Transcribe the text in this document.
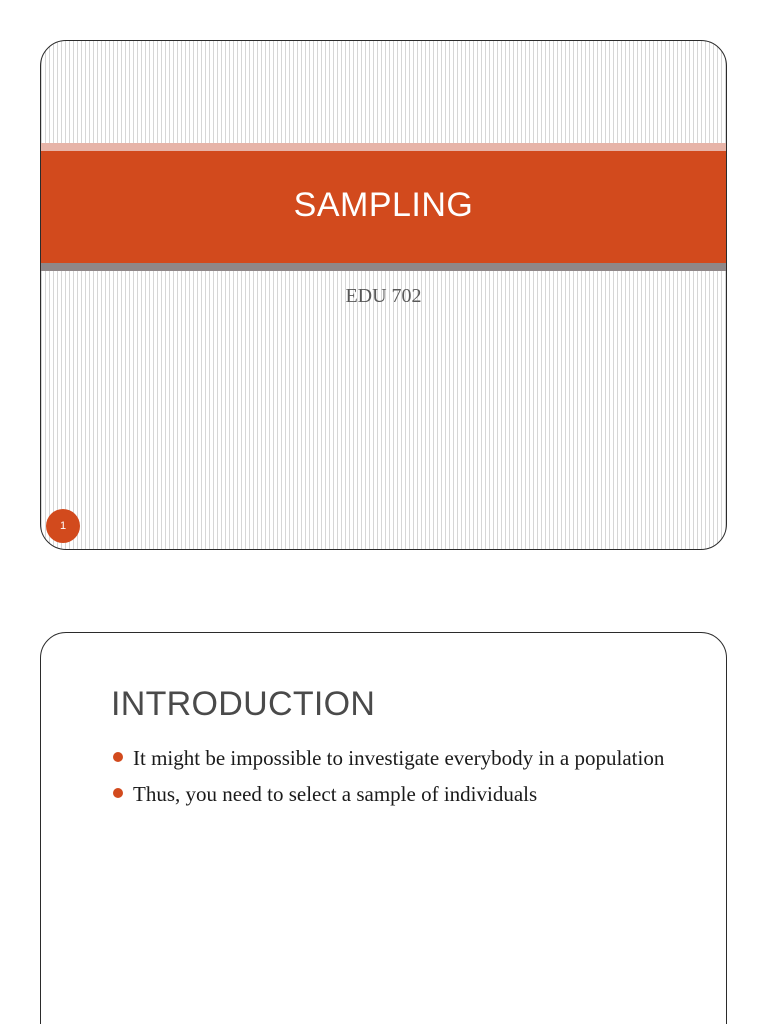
SAMPLING
EDU 702
1
INTRODUCTION
It might be impossible to investigate everybody in a population
Thus, you need to select a sample of individuals
